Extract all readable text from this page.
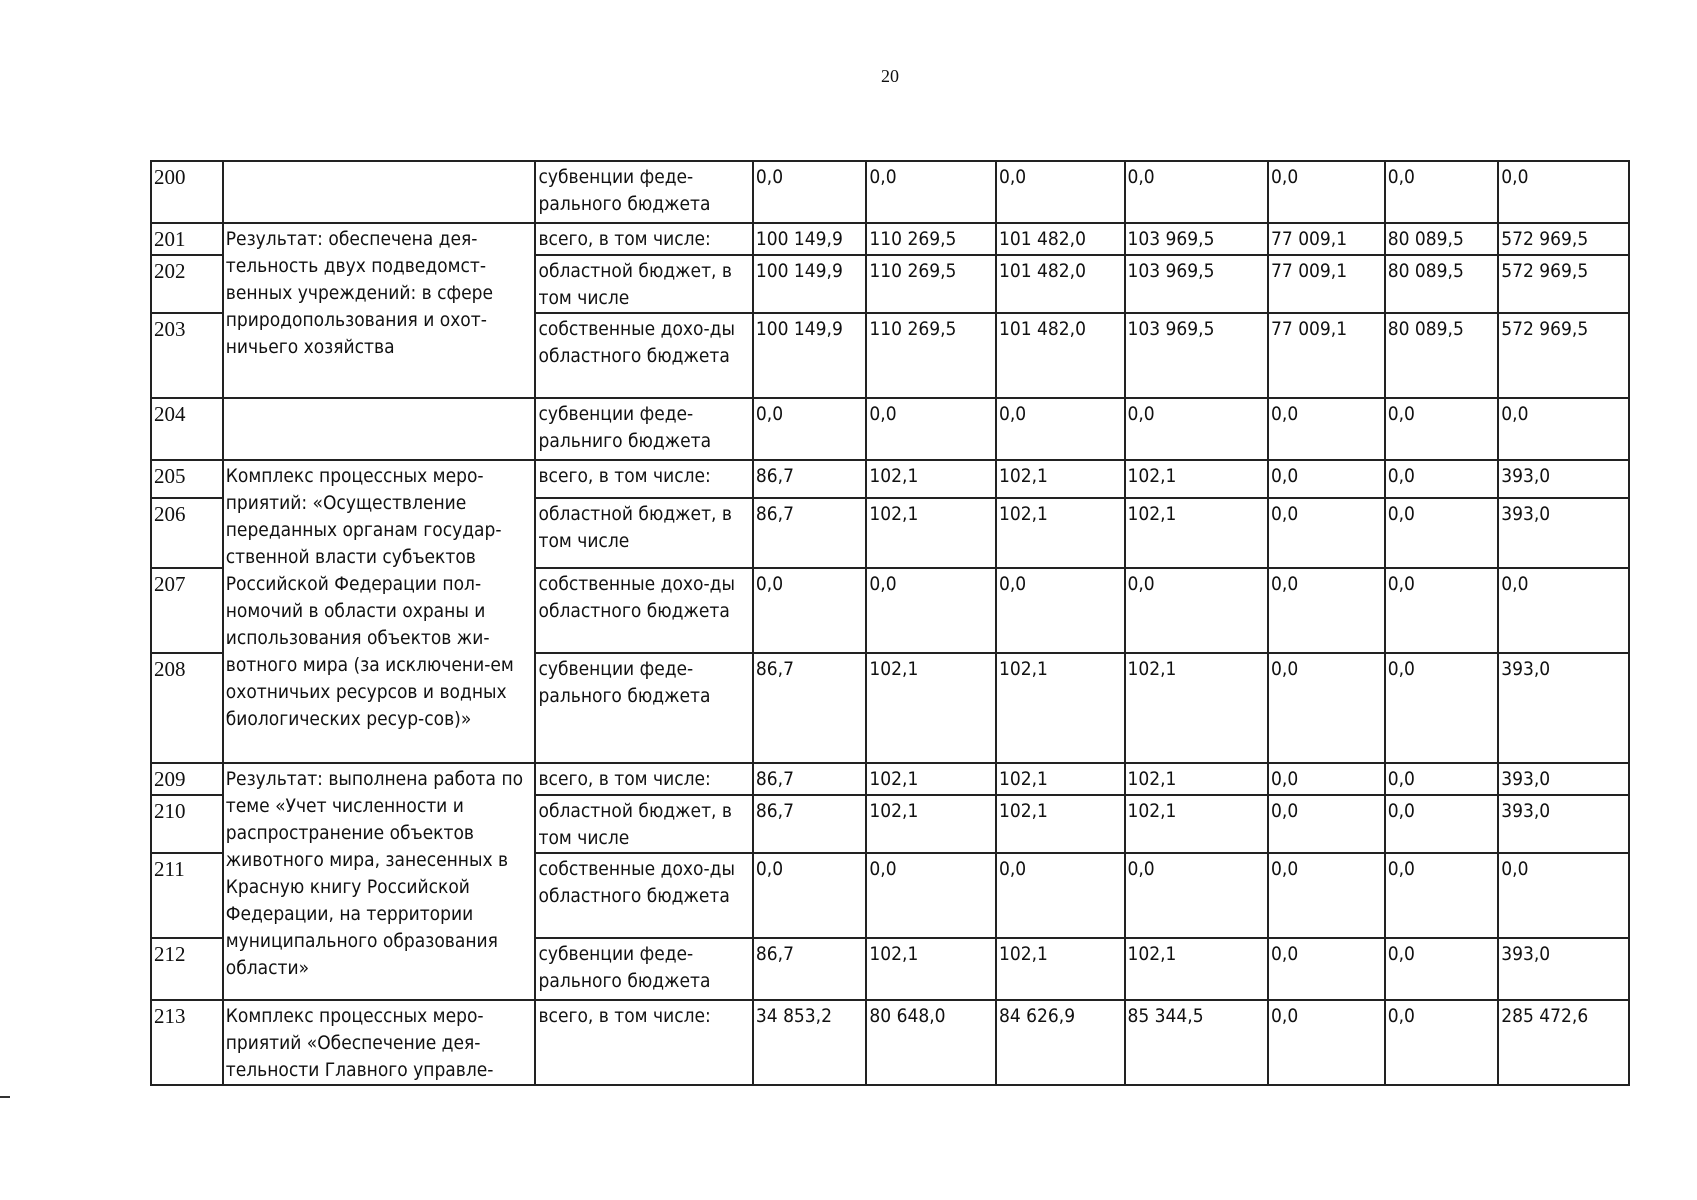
20
200		субвенции феде-рального бюджета	0,0	0,0	0,0	0,0	0,0	0,0	0,0
201	Результат: обеспечена дея-тельность двух подведомст-венных учреждений: в сфере природопользования и охот-ничьего хозяйства	всего, в том числе:	100 149,9	110 269,5	101 482,0	103 969,5	77 009,1	80 089,5	572 969,5
202		областной бюджет, в том числе	100 149,9	110 269,5	101 482,0	103 969,5	77 009,1	80 089,5	572 969,5
203		собственные дохо-ды областного бюджета	100 149,9	110 269,5	101 482,0	103 969,5	77 009,1	80 089,5	572 969,5
204		субвенции феде-ральниго бюджета	0,0	0,0	0,0	0,0	0,0	0,0	0,0
205	Комплекс процессных меро-приятий: «Осуществление переданных органам государ-ственной власти субъектов Российской Федерации пол-номочий в области охраны и использования объектов жи-вотного мира (за исключени-ем охотничьих ресурсов и водных биологических ресур-сов)»	всего, в том числе:	86,7	102,1	102,1	102,1	0,0	0,0	393,0
206		областной бюджет, в том числе	86,7	102,1	102,1	102,1	0,0	0,0	393,0
207		собственные дохо-ды областного бюджета	0,0	0,0	0,0	0,0	0,0	0,0	0,0
208		субвенции феде-рального бюджета	86,7	102,1	102,1	102,1	0,0	0,0	393,0
209	Результат: выполнена работа по теме «Учет численности и распространение объектов животного мира, занесенных в Красную книгу Российской Федерации, на территории муниципального образования области»	всего, в том числе:	86,7	102,1	102,1	102,1	0,0	0,0	393,0
210		областной бюджет, в том числе	86,7	102,1	102,1	102,1	0,0	0,0	393,0
211		собственные дохо-ды областного бюджета	0,0	0,0	0,0	0,0	0,0	0,0	0,0
212		субвенции феде-рального бюджета	86,7	102,1	102,1	102,1	0,0	0,0	393,0
213	Комплекс процессных меро-приятий «Обеспечение дея-тельности Главного управле-	всего, в том числе:	34 853,2	80 648,0	84 626,9	85 344,5	0,0	0,0	285 472,6
